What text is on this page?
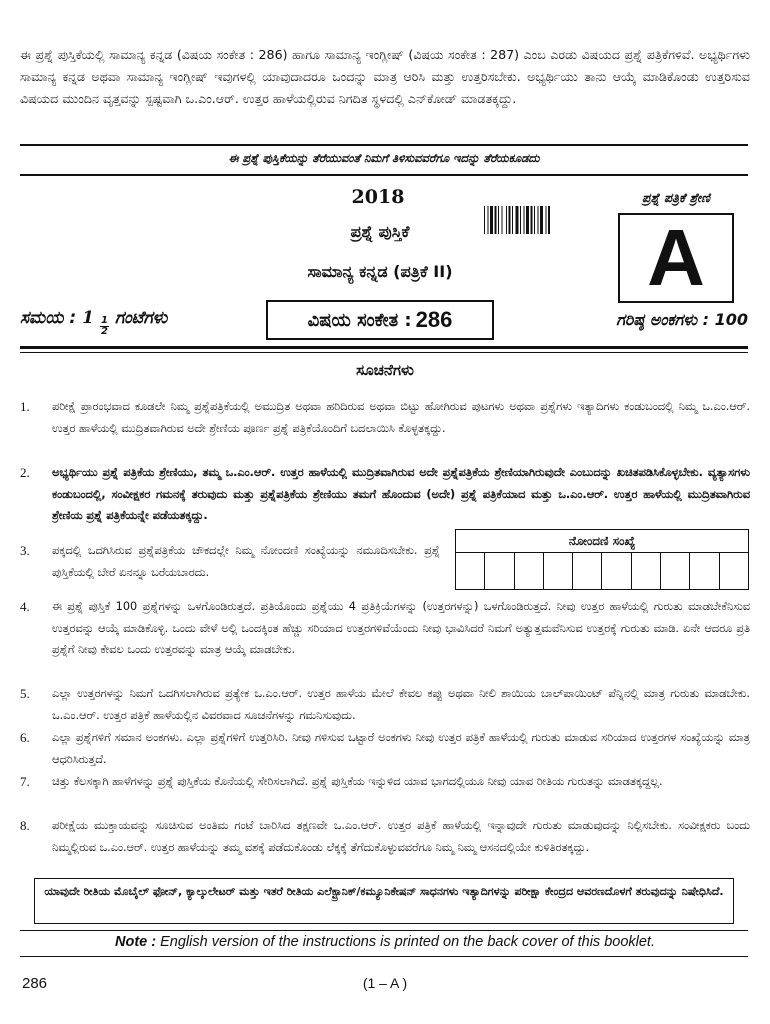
ಈ ಪ್ರಶ್ನೆ ಪುಸ್ತಿಕೆಯಲ್ಲಿ ಸಾಮಾನ್ಯ ಕನ್ನಡ (ವಿಷಯ ಸಂಕೇತ : 286) ಹಾಗೂ ಸಾಮಾನ್ಯ ಇಂಗ್ಲೀಷ್ (ವಿಷಯ ಸಂಕೇತ : 287) ಎಂಬ ಎರಡು ವಿಷಯದ ಪ್ರಶ್ನೆ ಪತ್ರಿಕೆಗಳಿವೆ. ಅಭ್ಯರ್ಥಿಗಳು ಸಾಮಾನ್ಯ ಕನ್ನಡ ಅಥವಾ ಸಾಮಾನ್ಯ ಇಂಗ್ಲೀಷ್ ಇವುಗಳಲ್ಲಿ ಯಾವುದಾದರೂ ಒಂದನ್ನು ಮಾತ್ರ ಆರಿಸಿ ಮತ್ತು ಉತ್ತರಿಸಬೇಕು. ಅಭ್ಯರ್ಥಿಯು ತಾನು ಆಯ್ಕೆ ಮಾಡಿಕೊಂಡು ಉತ್ತರಿಸುವ ವಿಷಯದ ಮುಂದಿನ ವೃತ್ತವನ್ನು ಸ್ಪಷ್ಟವಾಗಿ ಒ.ಎಂ.ಆರ್. ಉತ್ತರ ಹಾಳೆಯಲ್ಲಿರುವ ನಿಗದಿತ ಸ್ಥಳದಲ್ಲಿ ಎನ್‌ಕೋಡ್ ಮಾಡತಕ್ಕದ್ದು.
ಈ ಪ್ರಶ್ನೆ ಪುಸ್ತಿಕೆಯನ್ನು ತೆರೆಯುವಂತೆ ನಿಮಗೆ ತಿಳಿಸುವವರೆಗೂ ಇದನ್ನು ತೆರೆಯಕೂಡದು
2018
ಪ್ರಶ್ನೆ ಪುಸ್ತಿಕೆ
ಸಾಮಾನ್ಯ ಕನ್ನಡ (ಪತ್ರಿಕೆ II)
ಪ್ರಶ್ನೆ ಪತ್ರಿಕೆ ಶ್ರೇಣಿ
A
ಸಮಯ : $1 \frac{1}{2}$ ಗಂಟೆಗಳು	ವಿಷಯ ಸಂಕೇತ : 286	ಗರಿಷ್ಠ ಅಂಕಗಳು : 100
ಸೂಚನೆಗಳು
1.	ಪರೀಕ್ಷೆ ಪ್ರಾರಂಭವಾದ ಕೂಡಲೇ ನಿಮ್ಮ ಪ್ರಶ್ನೆಪತ್ರಿಕೆಯಲ್ಲಿ ಅಮುದ್ರಿತ ಅಥವಾ ಹರಿದಿರುವ ಅಥವಾ ಬಿಟ್ಟು ಹೋಗಿರುವ ಪುಟಗಳು ಅಥವಾ ಪ್ರಶ್ನೆಗಳು ಇತ್ಯಾದಿಗಳು ಕಂಡುಬಂದಲ್ಲಿ ನಿಮ್ಮ ಒ.ಎಂ.ಆರ್. ಉತ್ತರ ಹಾಳೆಯಲ್ಲಿ ಮುದ್ರಿತವಾಗಿರುವ ಅದೇ ಶ್ರೇಣಿಯ ಪೂರ್ಣ ಪ್ರಶ್ನೆ ಪತ್ರಿಕೆಯೊಂದಿಗೆ ಬದಲಾಯಿಸಿ ಕೊಳ್ಳತಕ್ಕದ್ದು.
2.	ಅಭ್ಯರ್ಥಿಯು ಪ್ರಶ್ನೆ ಪತ್ರಿಕೆಯ ಶ್ರೇಣಿಯು, ತಮ್ಮ ಒ.ಎಂ.ಆರ್. ಉತ್ತರ ಹಾಳೆಯಲ್ಲಿ ಮುದ್ರಿತವಾಗಿರುವ ಅದೇ ಪ್ರಶ್ನೆಪತ್ರಿಕೆಯ ಶ್ರೇಣಿಯಾಗಿರುವುದೇ ಎಂಬುದನ್ನು ಖಚಿತಪಡಿಸಿಕೊಳ್ಳಬೇಕು. ವ್ಯತ್ಯಾಸಗಳು ಕಂಡುಬಂದಲ್ಲಿ, ಸಂವೀಕ್ಷಕರ ಗಮನಕ್ಕೆ ತರುವುದು ಮತ್ತು ಪ್ರಶ್ನೆಪತ್ರಿಕೆಯ ಶ್ರೇಣಿಯು ತಮಗೆ ಹೊಂದುವ (ಅದೇ) ಪ್ರಶ್ನೆ ಪತ್ರಿಕೆಯಾದ ಮತ್ತು ಒ.ಎಂ.ಆರ್. ಉತ್ತರ ಹಾಳೆಯಲ್ಲಿ ಮುದ್ರಿತವಾಗಿರುವ ಶ್ರೇಣಿಯ ಪ್ರಶ್ನೆ ಪತ್ರಿಕೆಯನ್ನೇ ಪಡೆಯತಕ್ಕದ್ದು.
3.	ಪಕ್ಕದಲ್ಲಿ ಒದಗಿಸಿರುವ ಪ್ರಶ್ನೆಪತ್ರಿಕೆಯ ಚೌಕದಲ್ಲೇ ನಿಮ್ಮ ನೋಂದಣಿ ಸಂಖ್ಯೆಯನ್ನು ನಮೂದಿಸಬೇಕು. ಪ್ರಶ್ನೆ ಪುಸ್ತಿಕೆಯಲ್ಲಿ ಬೇರೆ ಏನನ್ನೂ ಬರೆಯಬಾರದು.
ನೋಂದಣಿ ಸಂಖ್ಯೆ
4.	ಈ ಪ್ರಶ್ನೆ ಪುಸ್ತಿಕೆ 100 ಪ್ರಶ್ನೆಗಳನ್ನು ಒಳಗೊಂಡಿರುತ್ತದೆ. ಪ್ರತಿಯೊಂದು ಪ್ರಶ್ನೆಯು 4 ಪ್ರತಿಕ್ರಿಯೆಗಳನ್ನು (ಉತ್ತರಗಳನ್ನು) ಒಳಗೊಂಡಿರುತ್ತದೆ. ನೀವು ಉತ್ತರ ಹಾಳೆಯಲ್ಲಿ ಗುರುತು ಮಾಡಬೇಕೆನಿಸುವ ಉತ್ತರವನ್ನು ಆಯ್ಕೆ ಮಾಡಿಕೊಳ್ಳಿ. ಒಂದು ವೇಳೆ ಅಲ್ಲಿ ಒಂದಕ್ಕಿಂತ ಹೆಚ್ಚು ಸರಿಯಾದ ಉತ್ತರಗಳಿವೆಯೆಂದು ನೀವು ಭಾವಿಸಿದರೆ ನಿಮಗೆ ಅತ್ಯುತ್ತಮವೆನಿಸುವ ಉತ್ತರಕ್ಕೆ ಗುರುತು ಮಾಡಿ. ಏನೇ ಆದರೂ ಪ್ರತಿ ಪ್ರಶ್ನೆಗೆ ನೀವು ಕೇವಲ ಒಂದು ಉತ್ತರವನ್ನು ಮಾತ್ರ ಆಯ್ಕೆ ಮಾಡಬೇಕು.
5.	ಎಲ್ಲಾ ಉತ್ತರಗಳನ್ನು ನಿಮಗೆ ಒದಗಿಸಲಾಗಿರುವ ಪ್ರತ್ಯೇಕ ಒ.ಎಂ.ಆರ್. ಉತ್ತರ ಹಾಳೆಯ ಮೇಲೆ ಕೇವಲ ಕಪ್ಪು ಅಥವಾ ನೀಲಿ ಶಾಯಿಯ ಬಾಲ್‌ಪಾಯಿಂಟ್ ಪೆನ್ನಿನಲ್ಲಿ ಮಾತ್ರ ಗುರುತು ಮಾಡಬೇಕು. ಒ.ಎಂ.ಆರ್. ಉತ್ತರ ಪತ್ರಿಕೆ ಹಾಳೆಯಲ್ಲಿನ ವಿವರವಾದ ಸೂಚನೆಗಳನ್ನು ಗಮನಿಸುವುದು.
6.	ಎಲ್ಲಾ ಪ್ರಶ್ನೆಗಳಿಗೆ ಸಮಾನ ಅಂಕಗಳು. ಎಲ್ಲಾ ಪ್ರಶ್ನೆಗಳಿಗೆ ಉತ್ತರಿಸಿರಿ. ನೀವು ಗಳಿಸುವ ಒಟ್ಟಾರೆ ಅಂಕಗಳು ನೀವು ಉತ್ತರ ಪತ್ರಿಕೆ ಹಾಳೆಯಲ್ಲಿ ಗುರುತು ಮಾಡುವ ಸರಿಯಾದ ಉತ್ತರಗಳ ಸಂಖ್ಯೆಯನ್ನು ಮಾತ್ರ ಆಧರಿಸಿರುತ್ತದೆ.
7.	ಚಿತ್ತು ಕೆಲಸಕ್ಕಾಗಿ ಹಾಳೆಗಳನ್ನು ಪ್ರಶ್ನೆ ಪುಸ್ತಿಕೆಯ ಕೊನೆಯಲ್ಲಿ ಸೇರಿಸಲಾಗಿದೆ. ಪ್ರಶ್ನೆ ಪುಸ್ತಿಕೆಯ ಇನ್ನುಳಿದ ಯಾವ ಭಾಗದಲ್ಲಿಯೂ ನೀವು ಯಾವ ರೀತಿಯ ಗುರುತನ್ನು ಮಾಡತಕ್ಕದ್ದಲ್ಲ.
8.	ಪರೀಕ್ಷೆಯ ಮುಕ್ತಾಯವನ್ನು ಸೂಚಿಸುವ ಅಂತಿಮ ಗಂಟೆ ಬಾರಿಸಿದ ತಕ್ಷಣವೇ ಒ.ಎಂ.ಆರ್. ಉತ್ತರ ಪತ್ರಿಕೆ ಹಾಳೆಯಲ್ಲಿ ಇನ್ನಾವುದೇ ಗುರುತು ಮಾಡುವುದನ್ನು ನಿಲ್ಲಿಸಬೇಕು. ಸಂವೀಕ್ಷಕರು ಬಂದು ನಿಮ್ಮಲ್ಲಿರುವ ಒ.ಎಂ.ಆರ್. ಉತ್ತರ ಹಾಳೆಯನ್ನು ತಮ್ಮ ವಶಕ್ಕೆ ಪಡೆದುಕೊಂಡು ಲೆಕ್ಕಕ್ಕೆ ತೆಗೆದುಕೊಳ್ಳುವವರೆಗೂ ನಿಮ್ಮ ನಿಮ್ಮ ಆಸನದಲ್ಲಿಯೇ ಕುಳಿತಿರತಕ್ಕದ್ದು.
ಯಾವುದೇ ರೀತಿಯ ಮೊಬೈಲ್ ಫೋನ್, ಕ್ಯಾಲ್ಕುಲೇಟರ್ ಮತ್ತು ಇತರೆ ರೀತಿಯ ಎಲೆಕ್ಟ್ರಾನಿಕ್/ಕಮ್ಯೂನಿಕೇಷನ್ ಸಾಧನಗಳು ಇತ್ಯಾದಿಗಳನ್ನು ಪರೀಕ್ಷಾ ಕೇಂದ್ರದ ಆವರಣದೊಳಗೆ ತರುವುದನ್ನು ನಿಷೇಧಿಸಿದೆ.
Note : English version of the instructions is printed on the back cover of this booklet.
286	(1 – A )
